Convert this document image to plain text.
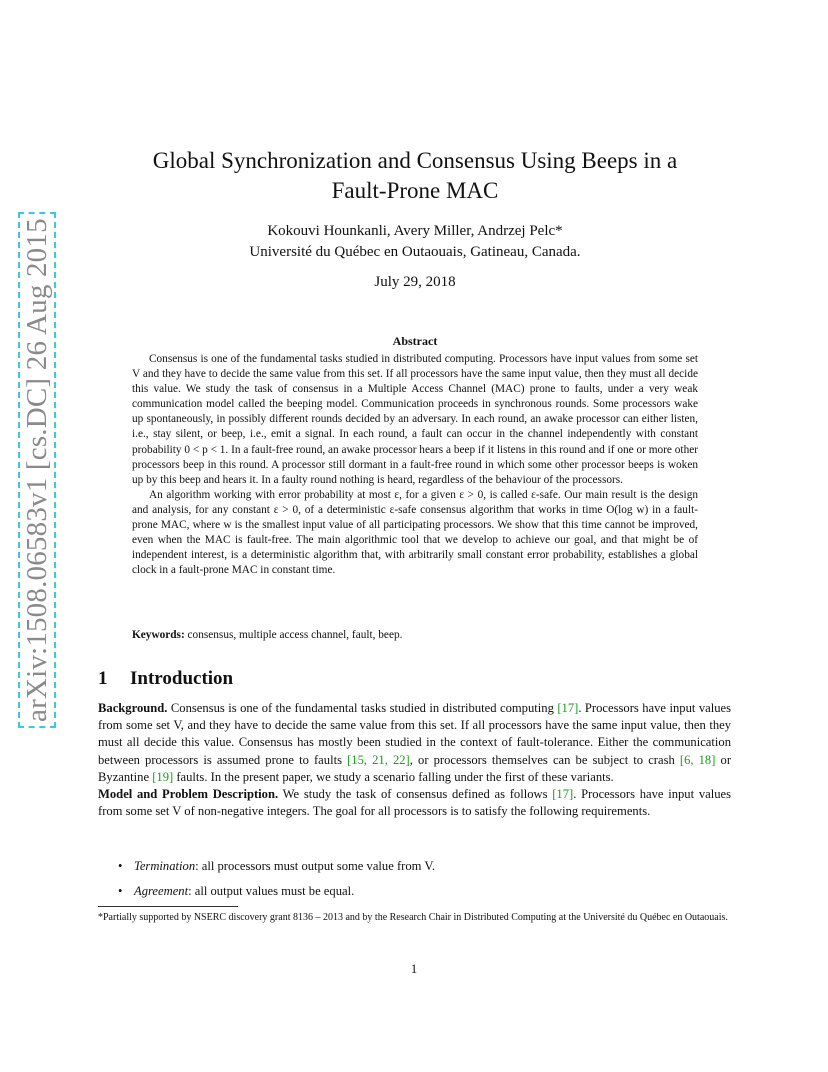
arXiv:1508.06583v1 [cs.DC] 26 Aug 2015
Global Synchronization and Consensus Using Beeps in a
Fault-Prone MAC
Kokouvi Hounkanli, Avery Miller, Andrzej Pelc*
Université du Québec en Outaouais, Gatineau, Canada.
July 29, 2018
Abstract

Consensus is one of the fundamental tasks studied in distributed computing. Processors have input values from some set V and they have to decide the same value from this set. If all processors have the same input value, then they must all decide this value. We study the task of consensus in a Multiple Access Channel (MAC) prone to faults, under a very weak communication model called the beeping model. Communication proceeds in synchronous rounds. Some processors wake up spontaneously, in possibly different rounds decided by an adversary. In each round, an awake processor can either listen, i.e., stay silent, or beep, i.e., emit a signal. In each round, a fault can occur in the channel independently with constant probability 0 < p < 1. In a fault-free round, an awake processor hears a beep if it listens in this round and if one or more other processors beep in this round. A processor still dormant in a fault-free round in which some other processor beeps is woken up by this beep and hears it. In a faulty round nothing is heard, regardless of the behaviour of the processors.

An algorithm working with error probability at most ε, for a given ε > 0, is called ε-safe. Our main result is the design and analysis, for any constant ε > 0, of a deterministic ε-safe consensus algorithm that works in time O(log w) in a fault-prone MAC, where w is the smallest input value of all participating processors. We show that this time cannot be improved, even when the MAC is fault-free. The main algorithmic tool that we develop to achieve our goal, and that might be of independent interest, is a deterministic algorithm that, with arbitrarily small constant error probability, establishes a global clock in a fault-prone MAC in constant time.

Keywords: consensus, multiple access channel, fault, beep.
1 Introduction

Background. Consensus is one of the fundamental tasks studied in distributed computing [17]. Processors have input values from some set V, and they have to decide the same value from this set. If all processors have the same input value, then they must all decide this value. Consensus has mostly been studied in the context of fault-tolerance. Either the communication between processors is assumed prone to faults [15, 21, 22], or processors themselves can be subject to crash [6, 18] or Byzantine [19] faults. In the present paper, we study a scenario falling under the first of these variants.

Model and Problem Description. We study the task of consensus defined as follows [17]. Processors have input values from some set V of non-negative integers. The goal for all processors is to satisfy the following requirements.

• Termination: all processors must output some value from V.
• Agreement: all output values must be equal.
*Partially supported by NSERC discovery grant 8136 – 2013 and by the Research Chair in Distributed Computing at the Université du Québec en Outaouais.
1
